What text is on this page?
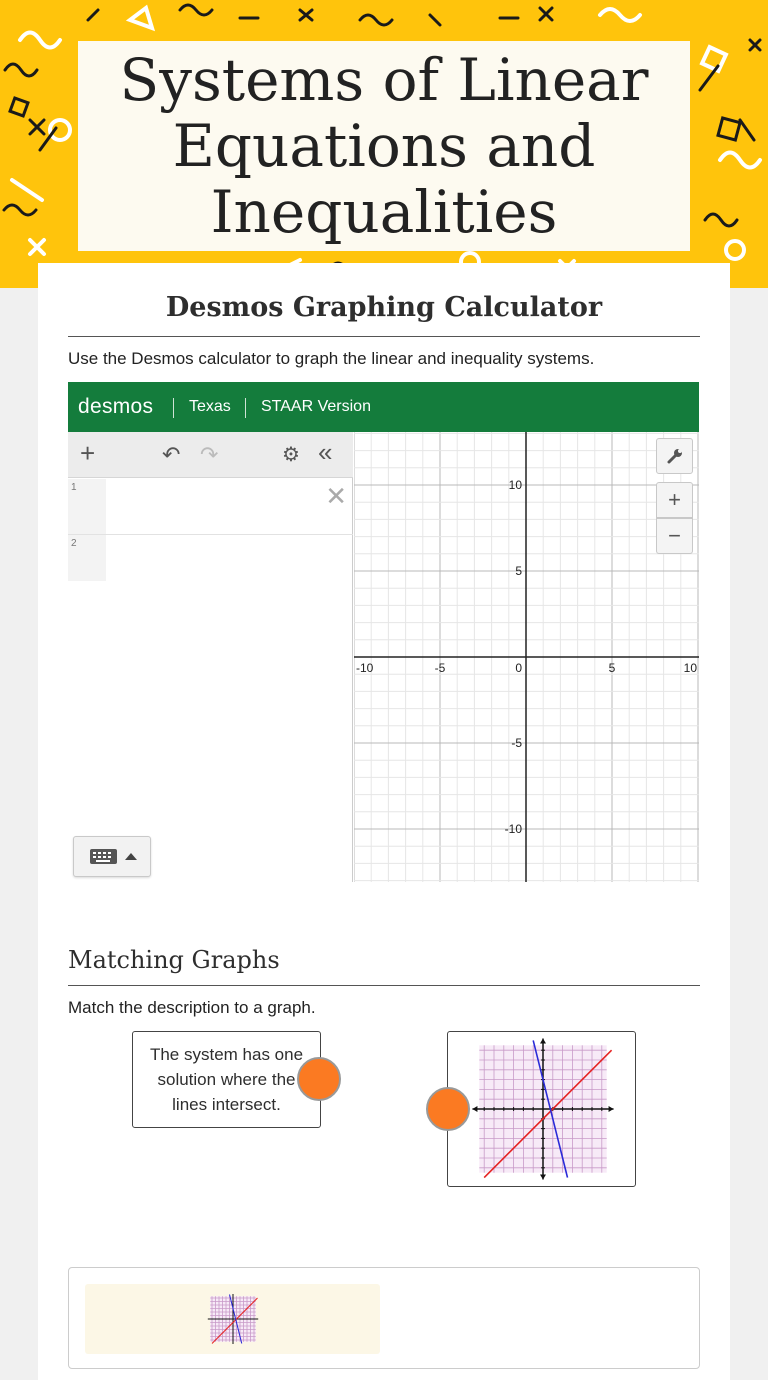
Systems of Linear Equations and Inequalities
Desmos Graphing Calculator

Use the Desmos calculator to graph the linear and inequality systems.

desmos Texas STAAR Version
+	↶ ↷	⚙ «
1	✕
2
-10	-5	0	5	10
10
5
-5
-10
+
−
Matching Graphs

Match the description to a graph.

The system has one solution where the lines intersect.
